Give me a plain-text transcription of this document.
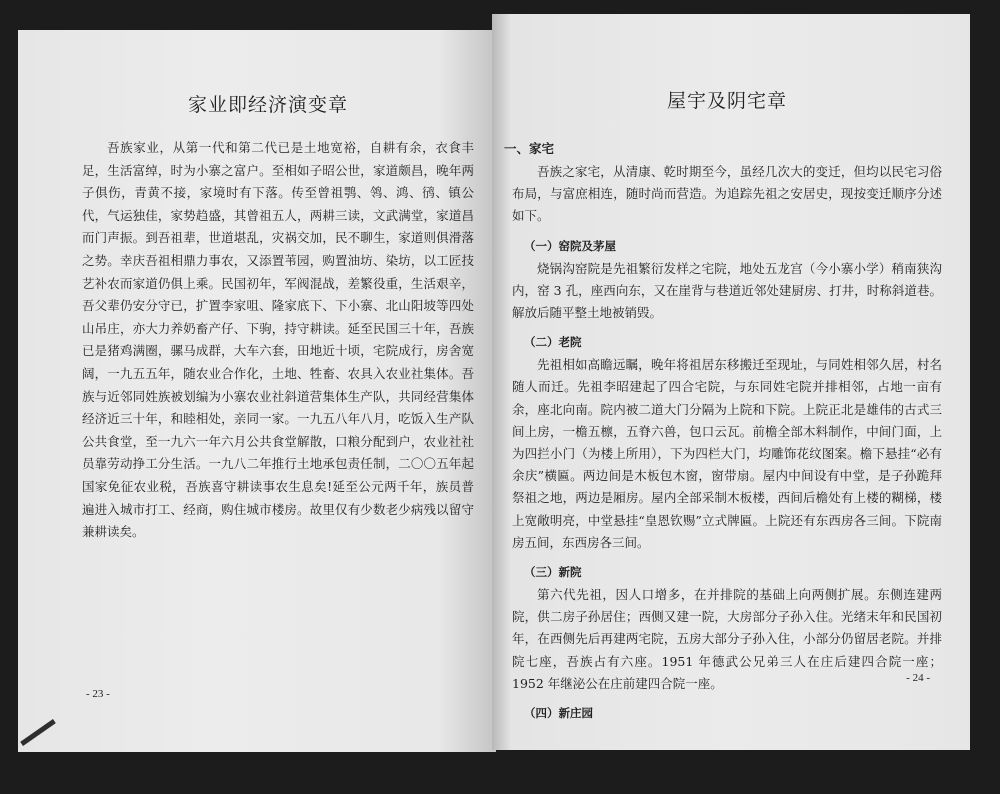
家业即经济演变章

吾族家业，从第一代和第二代已是土地宽裕，自耕有余，衣食丰足，生活富绰，时为小寨之富户。至相如子昭公世，家道颇昌，晚年两子俱伤，青黄不接，家境时有下落。传至曾祖鹗、鸰、鸿、鸻、镇公代，气运独佳，家势趋盛，其曾祖五人，两耕三读，文武满堂，家道昌而门声振。到吾祖辈，世道堪乱，灾祸交加，民不聊生，家道则俱滑落之势。幸庆吾祖相鼎力事农，又添置苇园，购置油坊、染坊，以工匠技艺补农而家道仍俱上乘。民国初年，军阀混战，差繁役重，生活艰辛，吾父辈仍安分守已，扩置李家咀、隆家底下、下小寨、北山阳坡等四处山吊庄，亦大力养奶畜产仔、下驹，持守耕读。延至民国三十年，吾族已是猪鸡满圈，骡马成群，大车六套，田地近十顷，宅院成行，房舍宽阔，一九五五年，随农业合作化，土地、牲畜、农具入农业社集体。吾族与近邻同姓族被划编为小寨农业社斜道营集体生产队，共同经营集体经济近三十年，和睦相处，亲同一家。一九五八年八月，吃饭入生产队公共食堂，至一九六一年六月公共食堂解散，口粮分配到户，农业社社员靠劳动挣工分生活。一九八二年推行土地承包责任制，二〇〇五年起国家免征农业税，吾族喜守耕读事农生息矣!延至公元两千年，族员普遍进入城市打工、经商，购住城市楼房。故里仅有少数老少病残以留守兼耕读矣。

- 23 -
屋宇及阴宅章
一、家宅

吾族之家宅，从清康、乾时期至今，虽经几次大的变迁，但均以民宅习俗布局，与富庶相连，随时尚而营造。为追踪先祖之安居史，现按变迁顺序分述如下。

（一）窑院及茅屋

烧锅沟窑院是先祖繁衍发样之宅院，地处五龙宫（今小寨小学）稍南狭沟内，窑 3 孔，座西向东，又在崖背与巷道近邻处建厨房、打井，时称斜道巷。解放后随平整土地被销毁。

（二）老院

先祖相如高瞻远瞩，晚年将祖居东移搬迁至现址，与同姓相邻久居，村名随人而迁。先祖李昭建起了四合宅院，与东同姓宅院并排相邻，占地一亩有余，座北向南。院内被二道大门分隔为上院和下院。上院正北是雄伟的古式三间上房，一檐五檩，五脊六兽，包口云瓦。前檐全部木料制作，中间门面，上为四拦小门（为楼上所用），下为四栏大门，均雕饰花纹图案。檐下悬挂“必有余庆”横匾。两边间是木板包木窗，窗带扇。屋内中间设有中堂，是子孙跪拜祭祖之地，两边是厢房。屋内全部采制木板楼，西间后檐处有上楼的糊梯，楼上宽敞明亮，中堂悬挂“皇恩钦赐”立式牌匾。上院还有东西房各三间。下院南房五间，东西房各三间。

（三）新院

第六代先祖，因人口增多，在并排院的基础上向两侧扩展。东侧连建两院，供二房子孙居住；西侧又建一院，大房部分子孙入住。光绪末年和民国初年，在西侧先后再建两宅院，五房大部分子孙入住，小部分仍留居老院。并排院七座，吾族占有六座。1951 年德武公兄弟三人在庄后建四合院一座；1952 年继泌公在庄前建四合院一座。

（四）新庄园
- 24 -
